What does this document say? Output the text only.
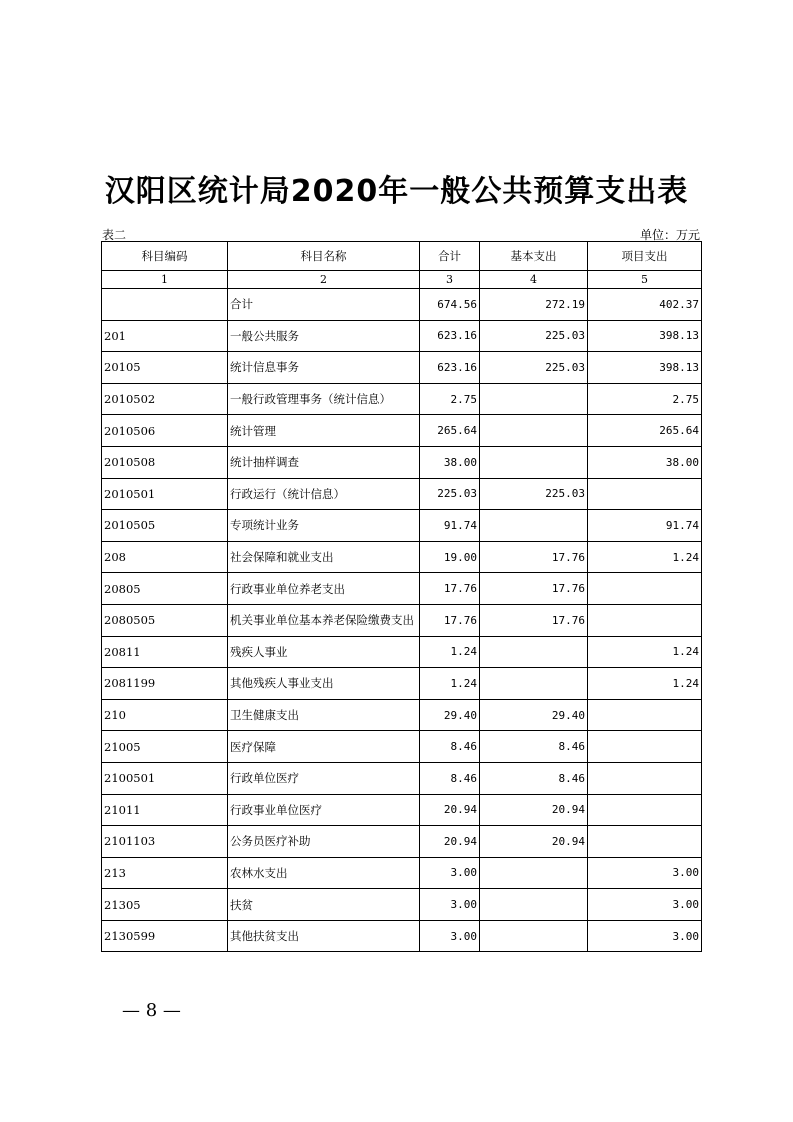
汉阳区统计局2020年一般公共预算支出表
表二	单位：万元
科目编码	科目名称	合计	基本支出	项目支出
1	2	3	4	5
	合计	674.56	272.19	402.37
201	一般公共服务	623.16	225.03	398.13
20105	统计信息事务	623.16	225.03	398.13
2010502	一般行政管理事务（统计信息）	2.75		2.75
2010506	统计管理	265.64		265.64
2010508	统计抽样调查	38.00		38.00
2010501	行政运行（统计信息）	225.03	225.03	
2010505	专项统计业务	91.74		91.74
208	社会保障和就业支出	19.00	17.76	1.24
20805	行政事业单位养老支出	17.76	17.76	
2080505	机关事业单位基本养老保险缴费支出	17.76	17.76	
20811	残疾人事业	1.24		1.24
2081199	其他残疾人事业支出	1.24		1.24
210	卫生健康支出	29.40	29.40	
21005	医疗保障	8.46	8.46	
2100501	行政单位医疗	8.46	8.46	
21011	行政事业单位医疗	20.94	20.94	
2101103	公务员医疗补助	20.94	20.94	
213	农林水支出	3.00		3.00
21305	扶贫	3.00		3.00
2130599	其他扶贫支出	3.00		3.00
— 8 —
